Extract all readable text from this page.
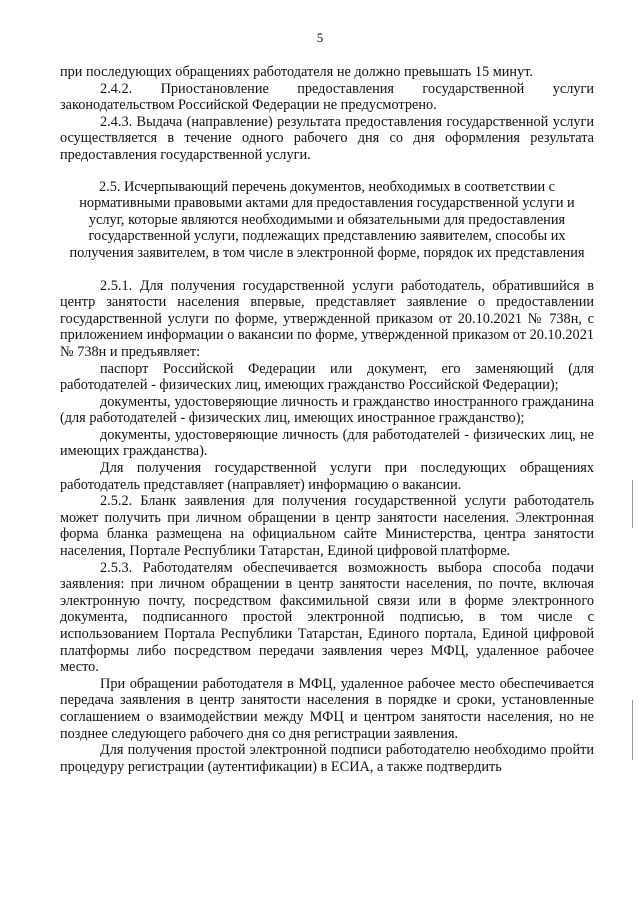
5

при последующих обращениях работодателя не должно превышать 15 минут.

2.4.2. Приостановление предоставления государственной услуги законодательством Российской Федерации не предусмотрено.

2.4.3. Выдача (направление) результата предоставления государственной услуги осуществляется в течение одного рабочего дня со дня оформления результата предоставления государственной услуги.

2.5. Исчерпывающий перечень документов, необходимых в соответствии с нормативными правовыми актами для предоставления государственной услуги и услуг, которые являются необходимыми и обязательными для предоставления государственной услуги, подлежащих представлению заявителем, способы их получения заявителем, в том числе в электронной форме, порядок их представления

2.5.1. Для получения государственной услуги работодатель, обратившийся в центр занятости населения впервые, представляет заявление о предоставлении государственной услуги по форме, утвержденной приказом от 20.10.2021 № 738н, с приложением информации о вакансии по форме, утвержденной приказом от 20.10.2021 № 738н и предъявляет:

паспорт Российской Федерации или документ, его заменяющий (для работодателей - физических лиц, имеющих гражданство Российской Федерации);

документы, удостоверяющие личность и гражданство иностранного гражданина (для работодателей - физических лиц, имеющих иностранное гражданство);

документы, удостоверяющие личность (для работодателей - физических лиц, не имеющих гражданства).

Для получения государственной услуги при последующих обращениях работодатель представляет (направляет) информацию о вакансии.

2.5.2. Бланк заявления для получения государственной услуги работодатель может получить при личном обращении в центр занятости населения. Электронная форма бланка размещена на официальном сайте Министерства, центра занятости населения, Портале Республики Татарстан, Единой цифровой платформе.

2.5.3. Работодателям обеспечивается возможность выбора способа подачи заявления: при личном обращении в центр занятости населения, по почте, включая электронную почту, посредством факсимильной связи или в форме электронного документа, подписанного простой электронной подписью, в том числе с использованием Портала Республики Татарстан, Единого портала, Единой цифровой платформы либо посредством передачи заявления через МФЦ, удаленное рабочее место.

При обращении работодателя в МФЦ, удаленное рабочее место обеспечивается передача заявления в центр занятости населения в порядке и сроки, установленные соглашением о взаимодействии между МФЦ и центром занятости населения, но не позднее следующего рабочего дня со дня регистрации заявления.

Для получения простой электронной подписи работодателю необходимо пройти процедуру регистрации (аутентификации) в ЕСИА, а также подтвердить
